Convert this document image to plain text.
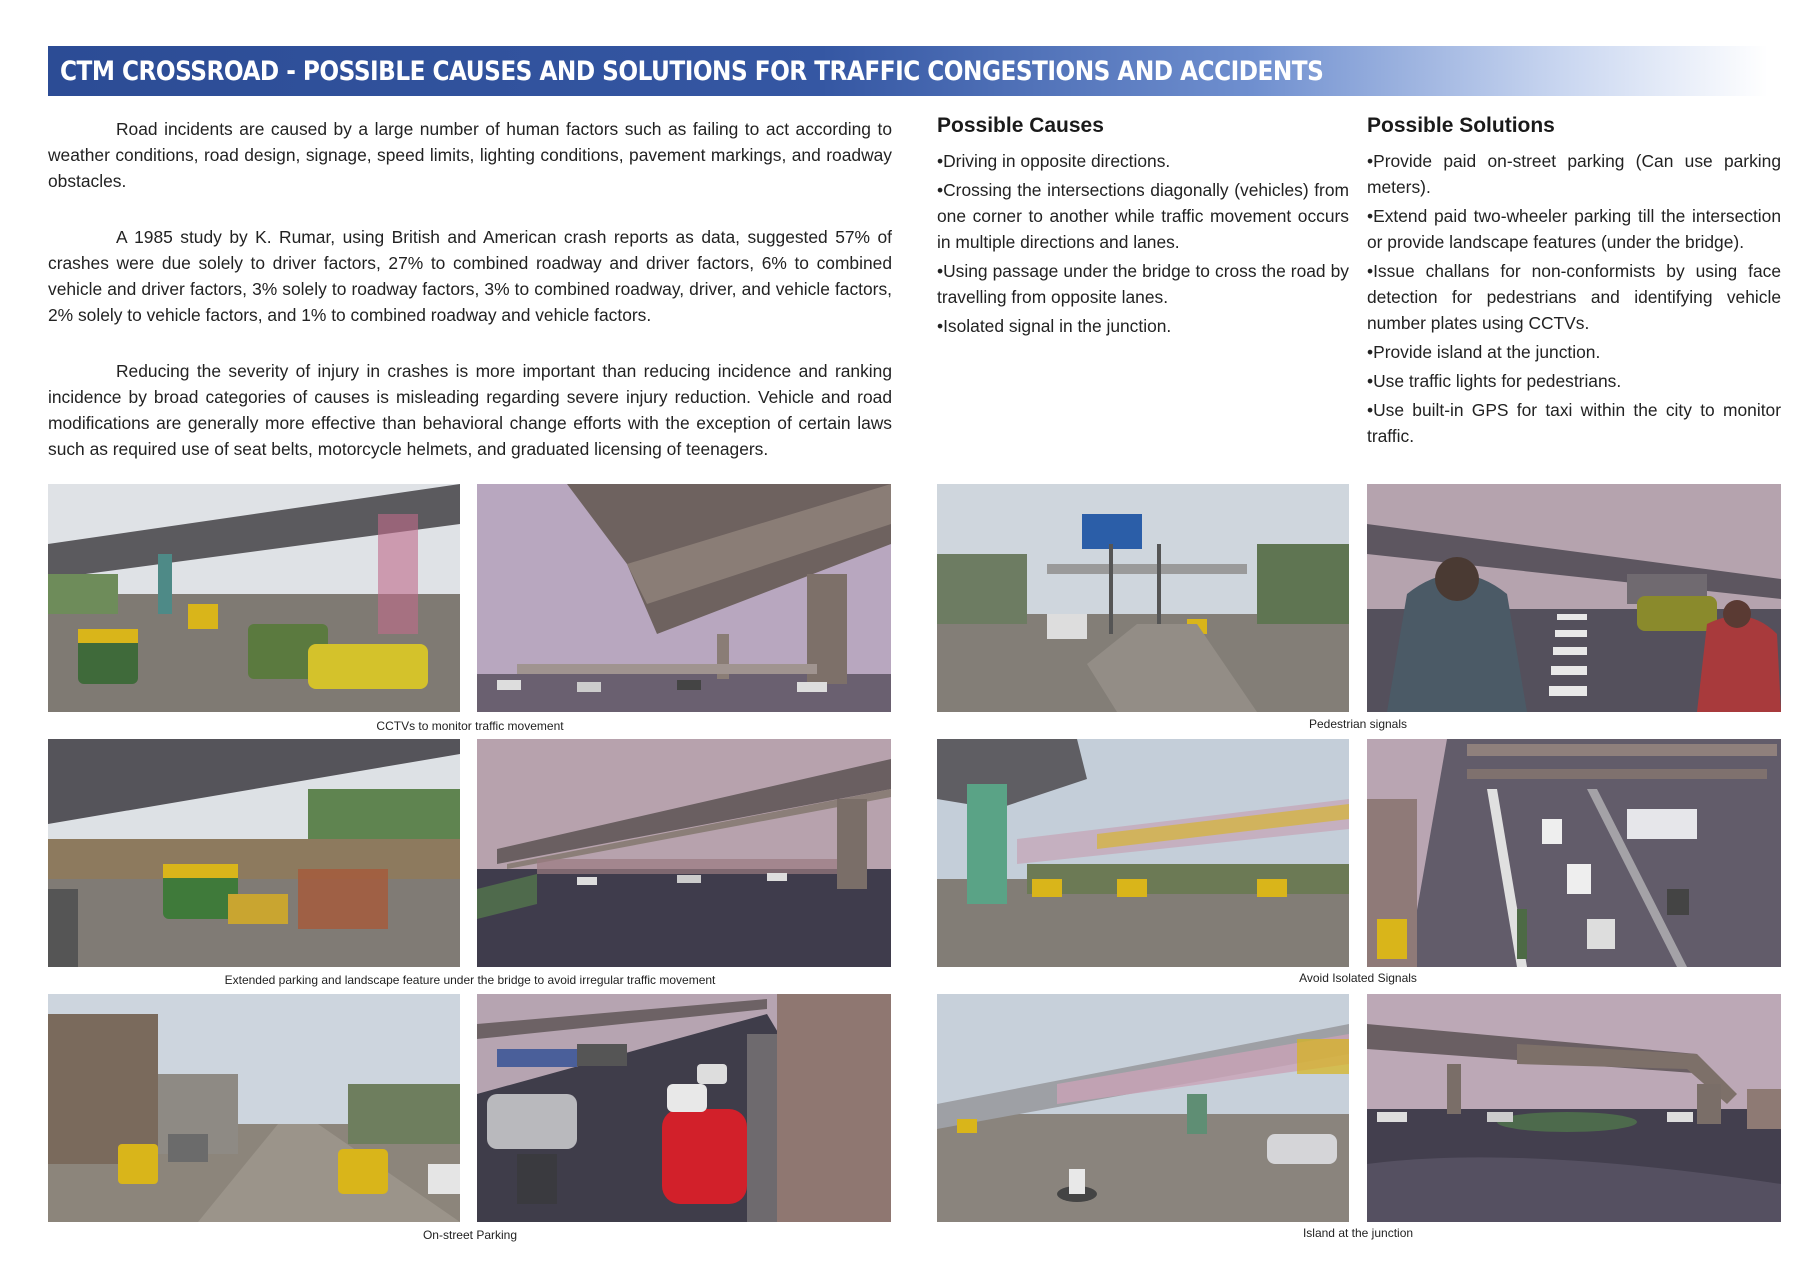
CTM CROSSROAD - POSSIBLE CAUSES AND SOLUTIONS FOR TRAFFIC CONGESTIONS AND ACCIDENTS

Road incidents are caused by a large number of human factors such as failing to act according to weather conditions, road design, signage, speed limits, lighting conditions, pavement markings, and roadway obstacles.

A 1985 study by K. Rumar, using British and American crash reports as data, suggested 57% of crashes were due solely to driver factors, 27% to combined roadway and driver factors, 6% to combined vehicle and driver factors, 3% solely to roadway factors, 3% to combined roadway, driver, and vehicle factors, 2% solely to vehicle factors, and 1% to combined roadway and vehicle factors.

Reducing the severity of injury in crashes is more important than reducing incidence and ranking incidence by broad categories of causes is misleading regarding severe injury reduction. Vehicle and road modifications are generally more effective than behavioral change efforts with the exception of certain laws such as required use of seat belts, motorcycle helmets, and graduated licensing of teenagers.

Possible Causes
• Driving in opposite directions.
• Crossing the intersections diagonally (vehicles) from one corner to another while traffic movement occurs in multiple directions and lanes.
• Using passage under the bridge to cross the road by travelling from opposite lanes.
• Isolated signal in the junction.
Possible Solutions
• Provide paid on-street parking (Can use parking meters).
• Extend paid two-wheeler parking till the intersection or provide landscape features (under the bridge).
• Issue challans for non-conformists by using face detection for pedestrians and identifying vehicle number plates using CCTVs.
• Provide island at the junction.
• Use traffic lights for pedestrians.
• Use built-in GPS for taxi within the city to monitor traffic.
CCTVs to monitor traffic movement	Pedestrian signals
Extended parking and landscape feature under the bridge to avoid irregular traffic movement	Avoid Isolated Signals
On-street Parking	Island at the junction
